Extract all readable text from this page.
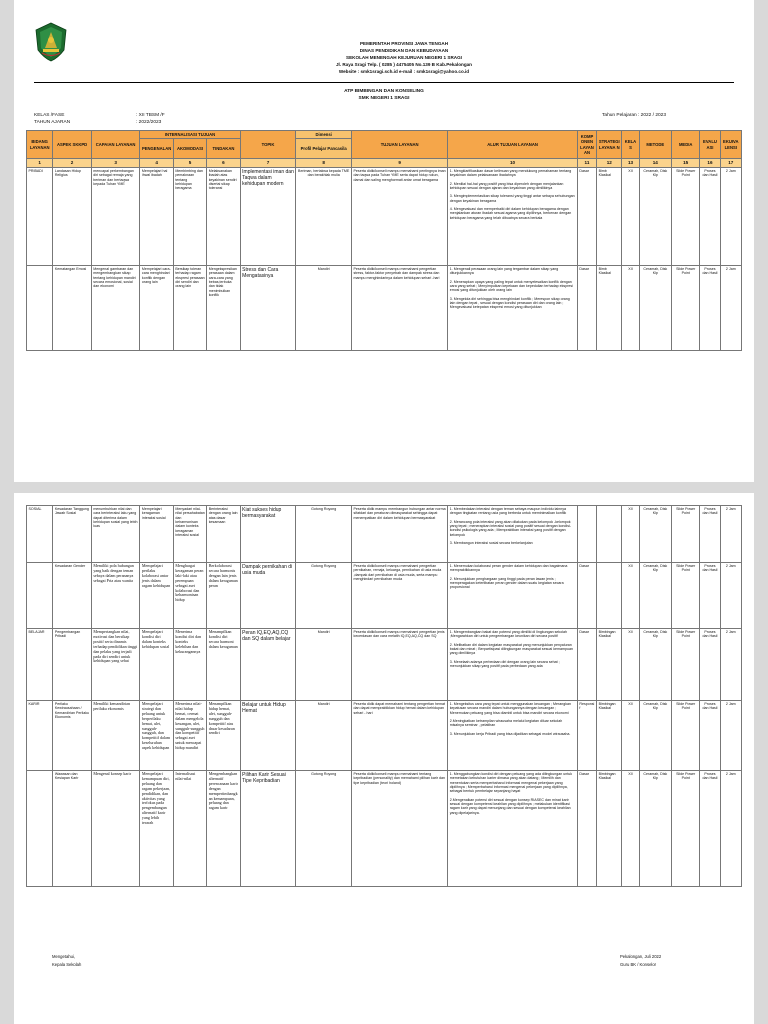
PEMERINTAH PROVINSI JAWA TENGAH
DINAS PENDIDIKAN DAN KEBUDAYAAN
SEKOLAH MENENGAH KEJURUAN NEGERI 1 SRAGI
Jl. Raya Sragi Telp. ( 0285 ) 4475405 No.139 B Kab.Pekalongan
Website : smk1sragi.sch.id e-mail : smk1sragi@yahoo.co.id
ATP BIMBINGAN DAN KONSELING
SMK NEGERI 1 SRAGI
KELAS /FASE	: XII TBSM /F
TAHUN AJARAN	: 2022/2023
Tahun Pelajaran : 2022 / 2023
BIDANG LAYANAN	ASPEK SKKPD	CAPAIAN LAYANAN	INTERNALISASI TUJUAN			TOPIK	Dimensi	TUJUAN LAYANAN	ALUR TUJUAN LAYANAN	KOMP ONEN LAYAN AN	STRATEGI LAYANA N	KELAS	METODE	MEDIA	EVALU ASI	EKUIVA LENSI
			PENGENALAN	AKOMODASI	TINDAKAN		Profil Pelajar Pancasila									
1	2	3	4	5	6	7	8	9	10	11	12	13	14	15	16	17
PRIBADI	Landasan Hidup Religius	mencapai perkembangan diri sebagai remaja yang beriman dan bertaqwa kepada Tuhan YME	Mempelajari hal ihwal ibadah	Membimbing dan pemaknaan tentang kehidupan beragama	Melaksanakan ibadah atas keyakinan sendiri disertai sikap toleransi	Implementasi iman dan Taqwa dalam kehidupan modern	Beriman, bertakwa kepada TME dan berakhlak mulia	Peserta didik/konseli mampu memahami pentingnya iman dan taqwa pada Tuhan YME serta dapat hidup rukun, damai dan saling menghormati antar umat beragama	1. Mengklarifikasikan dasar keilmuan yang mendukung pemahaman tentang keyakinan dalam pelaksanaan ibadahnya

2. Meniliai hal-hal yang positif yang bisa diperoleh dengan menjalankan kehidupan sesuai dengan ajaran dan keyakinan yang dimilikinya

3. Mengimplementasikan sikap toleransi yang tinggi antar sebaya sehubungan dengan keyakinan beragama

4. Mengevaluasi dan memperbaiki diri dalam kehidupan beragama dengan menjalankan aturan ibadah sesuai agama yang dipilihnya, berkenan dengan kehidupan beragama yang telah dibuatnya secara berkala	Dasar	Bimb Klasikal	XII	Ceramah, Disk Klp	Slide Power Point	Proses dan Hasil	2 Jam
	Kematangan Emosi	Mengenal gambaran dan mengembangkan sikap tentang kehidupan mandiri secara emosional, sosial dan ekonomi	Mempelajari cara-cara menghindari konflik dengan orang lain	Bersikap toleran terhadap ragam ekspresi perasaan diri sendiri dan orang lain	Mengekspresikan perasaan dalam cara-cara yang bebas,terbuka dan tidak menimbulkan konflik	Stress dan Cara Mengatasinya	Mandiri	Peserta didik/konseli mampu memahami pengertian stress, faktor-faktor penyebab dan dampak stress dan mampu menghindarinya dalam kehidupan sehari -hari	1. Mengenali perasaan orang lain yang tergambar dalam sikap yang ditunjukkannya

2. Menerapkan upaya yang paling tepat untuk menyelesaikan konflik dengan cara yang sehat ; Menyimpulkan kepekaan dan kepedulian terhadap ekspresi emosi yang ditunjukkan oleh orang lain

3. Mengelola diri sehingga bisa menghindari konflik ; Merespon sikap orang lain dengan tepat , sesuai dengan kondisi perasaan diri dan orang lain ; Mengevaluasi ketepatan ekspresi emosi yang ditunjukkan	Dasar	Bimb Klasikal	XII	Ceramah, Disk Klp	Slide Power Point	Proses dan Hasil	2 Jam
SOSIAL	Kesadaran Tanggung Jawab Sosial	menumbuhkan nilai dan cara berinteraksi laku yang dapat diterima dalam kehidupan sosial yang lebih luas	Mempelajari keragaman interaksi sosial	Menyadari nilai-nilai persahabatan dan keharmonisan dalam konteks keragaman interaksi sosial	Berinteraksi dengan orang lain atas dasar kesamaan	Kiat sukses hidup bermasyarakat	Gotong Royong	Peserta didik mampu membangun hubungan antar norma sifatdari dan peraturan dimasyarakat sehingga dapat menempatkan diri dalam kehidupan bermasyarakat	1. Membedakan interaksi dengan teman sebaya maupun individu lainnya dengan tingkatan rentang usia yang berbeda untuk meminimalkan konflik

2. Merancang pola interaksi yang akan dilakukan pada kelompok -kelompok yang tepat ; menerapkan interaksi sosial yang positif sesuai dengan kondisi-kondisi psikologis yang ada ; Mempraktikan interaksi yang positif dengan kelompok

3. Membangun interaksi sosial secara berkelanjutan			XII	Ceramah, Disk Klp	Slide Power Point	Proses dan Hasil	2 Jam
	Kesadaran Gender	Memiliki pola hubungan yang baik dengan teman sebaya dalam perananya sebagai Pria atau wanita	Mempelajari perilaku kolaborasi antar jenis dalam ragam kehidupan	Menghargai keragaman peran laki-laki atau perempuan sebagai aset kolaborasi dan keharmonisan hidup	Berkolaborasi secara harmonis dengan lain jenis dalam keragaman peran	Dampak pernikahan di usia muda	Gotong Royong	Peserta didik/konseli mampu memahami pengertian pernikahan, remaja, keluarga, pernikahan di usia muda ,dampak dari pernikahan di usia muda, serta mampu menghindari pernikahan muda	1. Menemukan kolaborasi peran gender dalam kehidupan dan bagaimana mempraktikkannya

2. Menunjukkan penghargaan yang tinggi pada peran lawan jenis ; memperagakan keterlibatan peran gender dalam suatu kegiatan secara proporsional	Dasar		XII	Ceramah, Disk Klp	Slide Power Point	Proses dan Hasil	2 Jam
BELAJAR	Pengembangan Pribadi	Mempertangkan nilai, motivasi dan bersikap positif serta dinamis terhadap pendidikan tinggi dan pelaku yang terjadi pada diri sendiri untuk kehidupan yang sehat	Mempelajari kondisi diri dalam konteks kehidupan sosial	Menerima kondisi diri dan konteks kelebihan dan kekurangannya	Menampilkan kondisi diri secara harmoni dalam keragaman	Peran IQ,EQ,AQ,CQ dan SQ dalam belajar	Mandiri	Peserta didik/konseli mampu memahami pengertian jenis kecerdasan dan cara melatih IQ,EQ,AQ,CQ dan SQ	1. Mengembangkan bakat dan potensi yang dimiliki di lingkungan sekolah ;Mengarahkan diri untuk pengembangan keunikan diri secara positif

2. Melibatkan diri dalam kegiatan masyarakat yang menunjukkan penyaluran bakat dan minat ; Berpartisipasi dilingkungan masyarakat sesuai kemampuan yang dimilikinya

3. Menelaah adanya perbedaan diri dengan orang lain secara sehat ; menunjukkan sikap yang positif pada perbedaan yang ada	Dasar	Bimbingan Klasikal	XII	Ceramah, Disk Klp	Slide Power Point	Proses dan Hasil	2 Jam
KARIR	Perilaku Kewirausahaan / Kemandirian Perilaku Ekonomis	Memiliki kemandirian perilaku ekonomis	Mempelajari strategi dan peluang untuk berperilaku hemat, ulet, sungguh-sungguh, dan kompetitif dalam keseluruhan aspek kehidupan	Menerima nilai-nilai hidup hemat, cermat dalam mengelola keuangan, ulet, sungguh-sungguh dan kompetitif sebagai aset untuk mencapai hidup mandiri	Menampilkan hidup hemat, ulet, sungguh-sungguh dan kompetitif atas dasar kesadaran sendiri	Belajar untuk Hidup Hemat	Mandiri	Peserta didik dapat memahami tentang pengertian hemat dan dapat mempraktikkan hidup hemat dalam kehidupan sehari - hari	1. Mengeksitus cara yang tepat untuk menggunakan keuangan ; Merangkan kepatusan secara mandiri dalam hubungannya dengan keuangan ; Menemukan peluang yang bisa diambil untuk bisa mandiri secara ekonomi

2.Meningkatkan ketrampilan wirausaha melalui kegiatan diluar sekolah misalnya seminar , pelatihan

3. Menunjukkan kerja Pribadi yang bisa dijadikan sebagai model wirausaha.	Responsif	Bimbingan Klasikal	XII	Ceramah, Disk Klp	Slide Power Point	Proses dan Hasil	2 Jam
	Wawasan dan Kesiapan Karir	Mengenal konsep karir	Mempelajari kemampuan diri, peluang dan ragam pekerjaan, pendidikan, dan aktivitas yang terfokus pada pengembangan alternatif karir yang lebih terarah	Internalisasi nilai-nilai	Mengembangkan alternatif perencanaan karir dengan mempertimbangkan kemampuan, peluang dan ragam karir	Pilihan Karir Sesuai Tipe Kepribadian	Gotong Royong	Peserta didik/konseli mampu memahami tentang kepribadian (personality) dan memahami pilihan karir dan tipe kepribadian (teori holand)	1. Menggabungkan kondisi diri dengan peluang yang ada dilingkungan untuk memetakan kebutuhan karier dimasa yang akan datang ; Memilih dan menentukan serta memperbaharui informasi mengenai pekerjaan yang dipilihnya ; Memperbaharui informasi mengenai pekerjaan yang dipilihnya, sebagai bentuk pembelajar sepanjang hayat

2.Mengenalkan potensi diri sesuai dengan konsep RIASEC dan minat karir sesuai dengan kompetensi keahlian yang dipilihnya ; melakukan identifikasi ragam karir yang dapat menunjang dan sesuai dengan kompetensi keahlian yang dipelajarinya.	Dasar	Bimbingan Klasikal	XII	Ceramah, Disk Klp	Slide Power Point	Proses dan Hasil	2 Jam
Mengetahui,
Kepala Sekolah
Pekalongan, Juli 2022
Guru BK / Konselor
